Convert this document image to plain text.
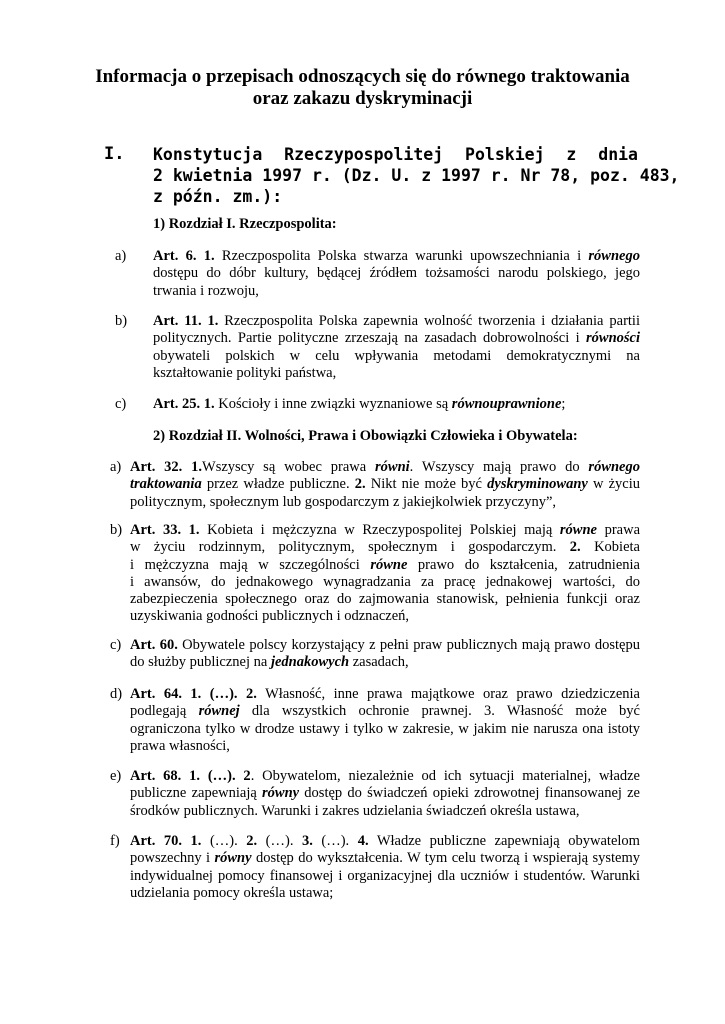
Informacja o przepisach odnoszących się do równego traktowania
oraz zakazu dyskryminacji
I. Konstytucja Rzeczypospolitej Polskiej z dnia
2 kwietnia 1997 r. (Dz. U. z 1997 r. Nr 78, poz. 483,
z późn. zm.):
1) Rozdział I. Rzeczpospolita:
a) Art. 6. 1. Rzeczpospolita Polska stwarza warunki upowszechniania i równego
dostępu do dóbr kultury, będącej źródłem tożsamości narodu polskiego, jego
trwania i rozwoju,
b) Art. 11. 1. Rzeczpospolita Polska zapewnia wolność tworzenia i działania partii
politycznych. Partie polityczne zrzeszają na zasadach dobrowolności i równości
obywateli polskich w celu wpływania metodami demokratycznymi na
kształtowanie polityki państwa,
c) Art. 25. 1. Kościoły i inne związki wyznaniowe są równouprawnione;
2) Rozdział II. Wolności, Prawa i Obowiązki Człowieka i Obywatela:
a) Art. 32. 1.Wszyscy są wobec prawa równi. Wszyscy mają prawo do równego
traktowania przez władze publiczne. 2. Nikt nie może być dyskryminowany w życiu
politycznym, społecznym lub gospodarczym z jakiejkolwiek przyczyny”,
b) Art. 33. 1. Kobieta i mężczyzna w Rzeczypospolitej Polskiej mają równe prawa
w życiu rodzinnym, politycznym, społecznym i gospodarczym. 2. Kobieta
i mężczyzna mają w szczególności równe prawo do kształcenia, zatrudnienia
i awansów, do jednakowego wynagradzania za pracę jednakowej wartości, do
zabezpieczenia społecznego oraz do zajmowania stanowisk, pełnienia funkcji oraz
uzyskiwania godności publicznych i odznaczeń,
c) Art. 60. Obywatele polscy korzystający z pełni praw publicznych mają prawo dostępu
do służby publicznej na jednakowych zasadach,
d) Art. 64. 1. (…). 2. Własność, inne prawa majątkowe oraz prawo dziedziczenia
podlegają równej dla wszystkich ochronie prawnej. 3. Własność może być
ograniczona tylko w drodze ustawy i tylko w zakresie, w jakim nie narusza ona istoty
prawa własności,
e) Art. 68. 1. (…). 2. Obywatelom, niezależnie od ich sytuacji materialnej, władze
publiczne zapewniają równy dostęp do świadczeń opieki zdrowotnej finansowanej ze
środków publicznych. Warunki i zakres udzielania świadczeń określa ustawa,
f) Art. 70. 1. (…). 2. (…). 3. (…). 4. Władze publiczne zapewniają obywatelom
powszechny i równy dostęp do wykształcenia. W tym celu tworzą i wspierają systemy
indywidualnej pomocy finansowej i organizacyjnej dla uczniów i studentów. Warunki
udzielania pomocy określa ustawa;
